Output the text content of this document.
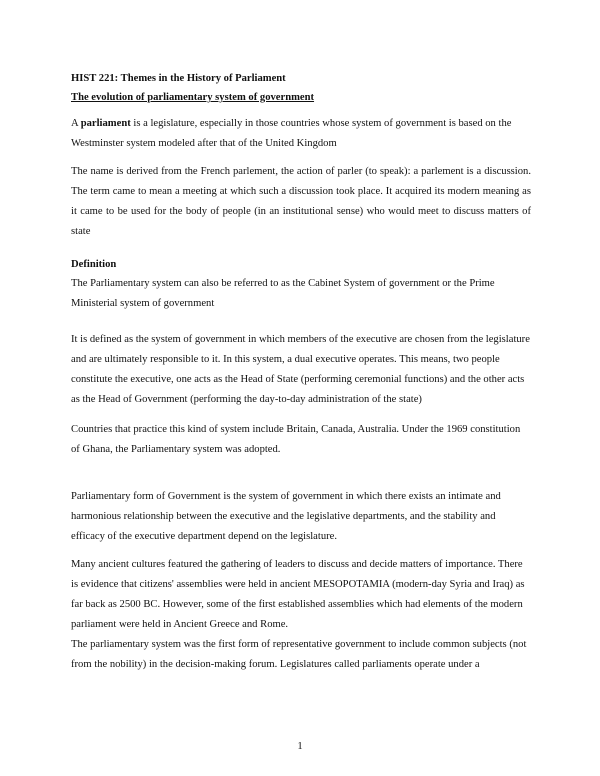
HIST 221: Themes in the History of Parliament

The evolution of parliamentary system of government

A parliament is a legislature, especially in those countries whose system of government is based on the Westminster system modeled after that of the United Kingdom

The name is derived from the French parlement, the action of parler (to speak): a parlement is a discussion. The term came to mean a meeting at which such a discussion took place. It acquired its modern meaning as it came to be used for the body of people (in an institutional sense) who would meet to discuss matters of state

Definition

The Parliamentary system can also be referred to as the Cabinet System of government or the Prime Ministerial system of government

It is defined as the system of government in which members of the executive are chosen from the legislature and are ultimately responsible to it. In this system, a dual executive operates. This means, two people constitute the executive, one acts as the Head of State (performing ceremonial functions) and the other acts as the Head of Government (performing the day-to-day administration of the state)

Countries that practice this kind of system include Britain, Canada, Australia. Under the 1969 constitution of Ghana, the Parliamentary system was adopted.

Parliamentary form of Government is the system of government in which there exists an intimate and harmonious relationship between the executive and the legislative departments, and the stability and efficacy of the executive department depend on the legislature.

Many ancient cultures featured the gathering of leaders to discuss and decide matters of importance. There is evidence that citizens' assemblies were held in ancient MESOPOTAMIA (modern-day Syria and Iraq) as far back as 2500 BC. However, some of the first established assemblies which had elements of the modern parliament were held in Ancient Greece and Rome.

The parliamentary system was the first form of representative government to include common subjects (not from the nobility) in the decision-making forum. Legislatures called parliaments operate under a

1
